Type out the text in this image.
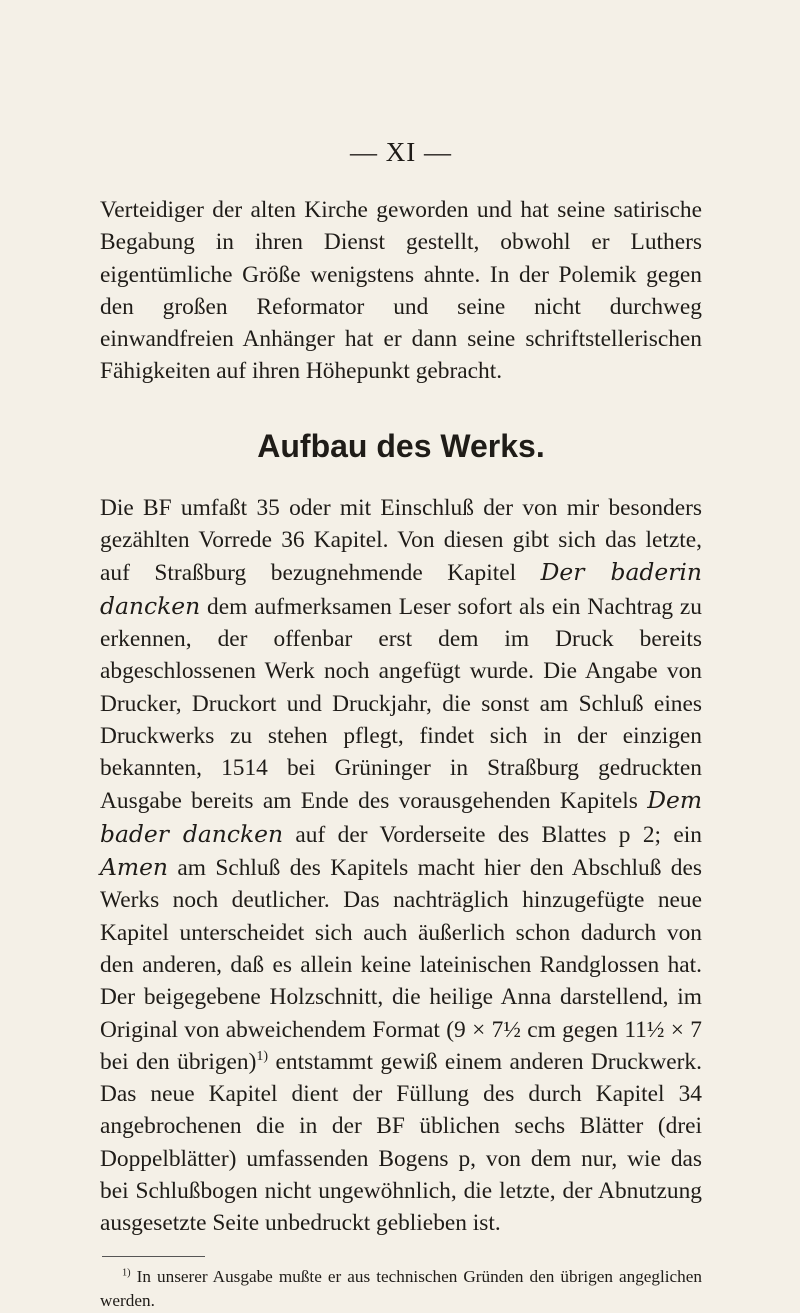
— XI —

Verteidiger der alten Kirche geworden und hat seine satirische Begabung in ihren Dienst gestellt, obwohl er Luthers eigentümliche Größe wenigstens ahnte. In der Polemik gegen den großen Reformator und seine nicht durchweg einwandfreien Anhänger hat er dann seine schriftstellerischen Fähigkeiten auf ihren Höhepunkt gebracht.

Aufbau des Werks.

Die BF umfaßt 35 oder mit Einschluß der von mir besonders gezählten Vorrede 36 Kapitel. Von diesen gibt sich das letzte, auf Straßburg bezugnehmende Kapitel Der baderin dancken dem aufmerksamen Leser sofort als ein Nachtrag zu erkennen, der offenbar erst dem im Druck bereits abgeschlossenen Werk noch angefügt wurde. Die Angabe von Drucker, Druckort und Druckjahr, die sonst am Schluß eines Druckwerks zu stehen pflegt, findet sich in der einzigen bekannten, 1514 bei Grüninger in Straßburg gedruckten Ausgabe bereits am Ende des vorausgehenden Kapitels Dem bader dancken auf der Vorderseite des Blattes p 2; ein Amen am Schluß des Kapitels macht hier den Abschluß des Werks noch deutlicher. Das nachträglich hinzugefügte neue Kapitel unterscheidet sich auch äußerlich schon dadurch von den anderen, daß es allein keine lateinischen Randglossen hat. Der beigegebene Holzschnitt, die heilige Anna darstellend, im Original von abweichendem Format (9 × 7½ cm gegen 11½ × 7 bei den übrigen)$^{1)}$ entstammt gewiß einem anderen Druckwerk. Das neue Kapitel dient der Füllung des durch Kapitel 34 angebrochenen die in der BF üblichen sechs Blätter (drei Doppelblätter) umfassenden Bogens p, von dem nur, wie das bei Schlußbogen nicht ungewöhnlich, die letzte, der Abnutzung ausgesetzte Seite unbedruckt geblieben ist.

$^{1)}$ In unserer Ausgabe mußte er aus technischen Gründen den übrigen angeglichen werden.
